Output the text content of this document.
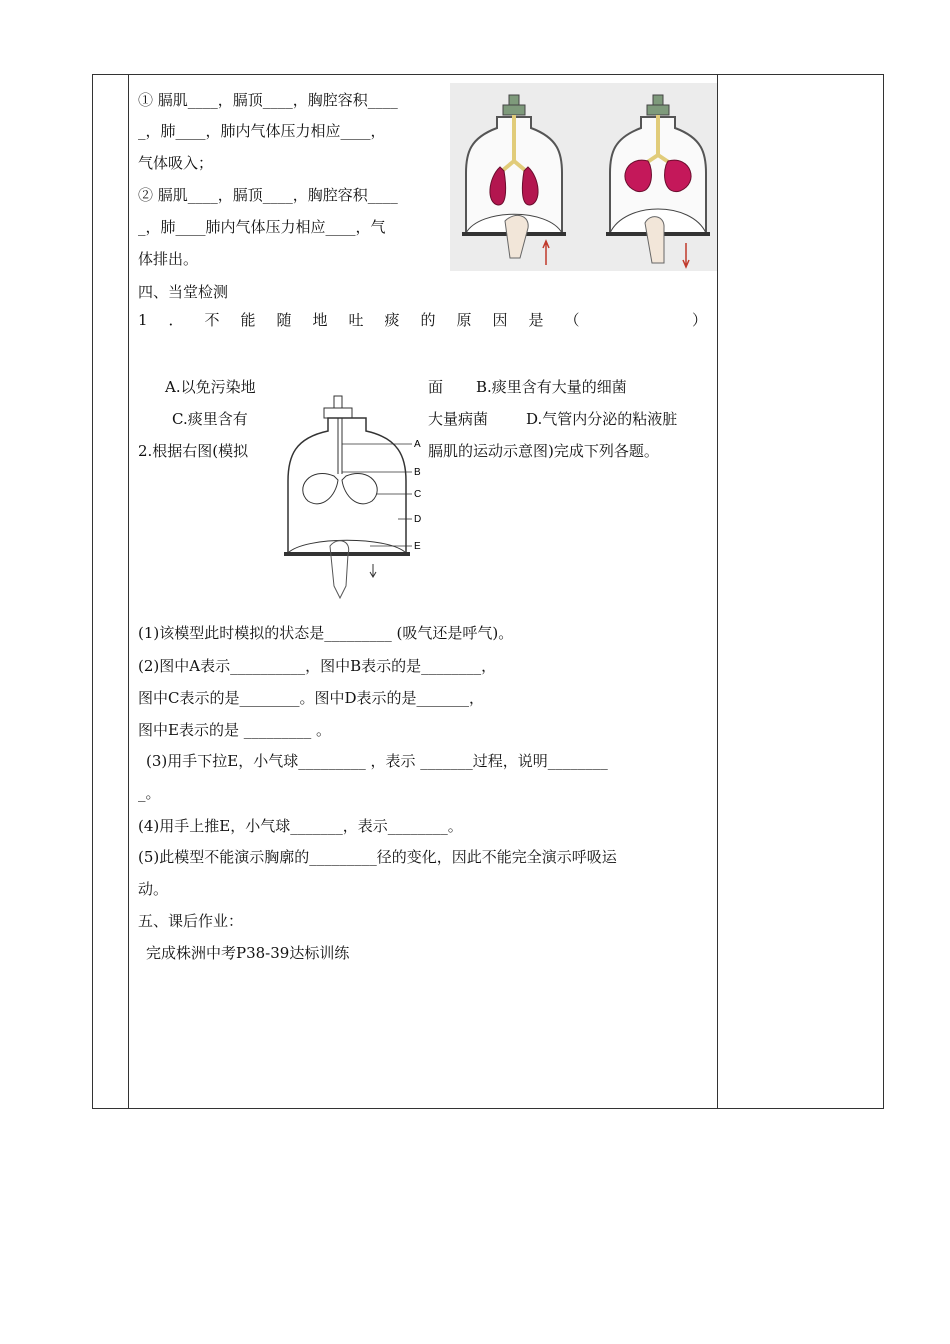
① 膈肌____，膈顶____，胸腔容积____
_，肺____，肺内气体压力相应____，
气体吸入；
② 膈肌____，膈顶____，胸腔容积____
_，肺____肺内气体压力相应____，气
体排出。
四、当堂检测
1．不能随地吐痰的原因是（	）
A.以免污染地	面 B.痰里含有大量的细菌
C.痰里含有	大量病菌	D.气管内分泌的粘液脏
2.根据右图(模拟	膈肌的运动示意图)完成下列各题。
A
B
C
D
E
(1)该模型此时模拟的状态是_________ (吸气还是呼气)。
(2)图中A表示__________，图中B表示的是________，
图中C表示的是________。图中D表示的是_______，
图中E表示的是 _________ 。
(3)用手下拉E，小气球_________ ，表示 _______过程，说明________
_。
(4)用手上推E，小气球_______，表示________。
(5)此模型不能演示胸廓的_________径的变化，因此不能完全演示呼吸运
动。
五、课后作业：
完成株洲中考P38-39达标训练
